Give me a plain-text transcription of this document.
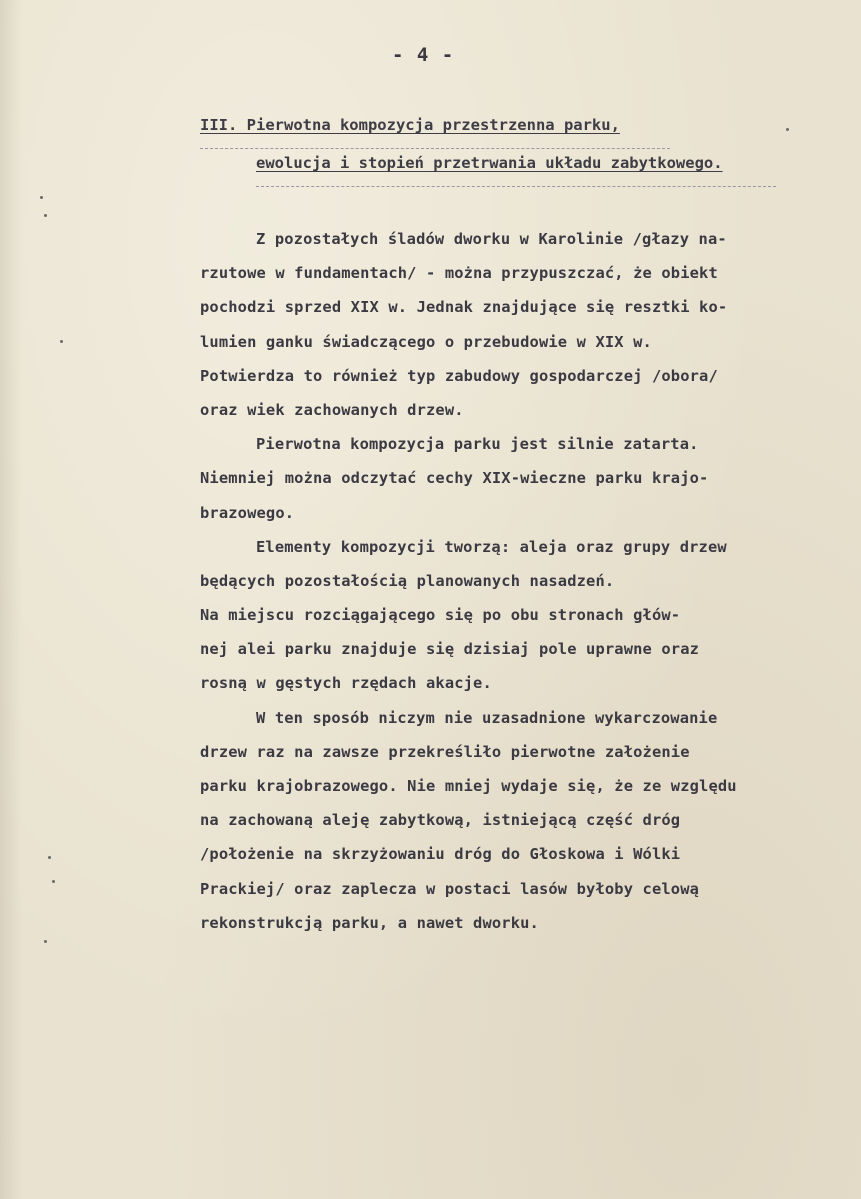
- 4 -
III. Pierwotna kompozycja przestrzenna parku,
ewolucja i stopień przetrwania układu zabytkowego.
Z pozostałych śladów dworku w Karolinie /głazy na-
rzutowe w fundamentach/ - można przypuszczać, że obiekt
pochodzi sprzed XIX w. Jednak znajdujące się resztki ko-
lumien ganku świadczącego o przebudowie w XIX w.
Potwierdza to również typ zabudowy gospodarczej /obora/
oraz wiek zachowanych drzew.
Pierwotna kompozycja parku jest silnie zatarta.
Niemniej można odczytać cechy XIX-wieczne parku krajo-
brazowego.
Elementy kompozycji tworzą: aleja oraz grupy drzew
będących pozostałością planowanych nasadzeń.
Na miejscu rozciągającego się po obu stronach głów-
nej alei parku znajduje się dzisiaj pole uprawne oraz
rosną w gęstych rzędach akacje.
W ten sposób niczym nie uzasadnione wykarczowanie
drzew raz na zawsze przekreśliło pierwotne założenie
parku krajobrazowego. Nie mniej wydaje się, że ze względu
na zachowaną aleję zabytkową, istniejącą część dróg
/położenie na skrzyżowaniu dróg do Głoskowa i Wólki
Prackiej/ oraz zaplecza w postaci lasów byłoby celową
rekonstrukcją parku, a nawet dworku.
